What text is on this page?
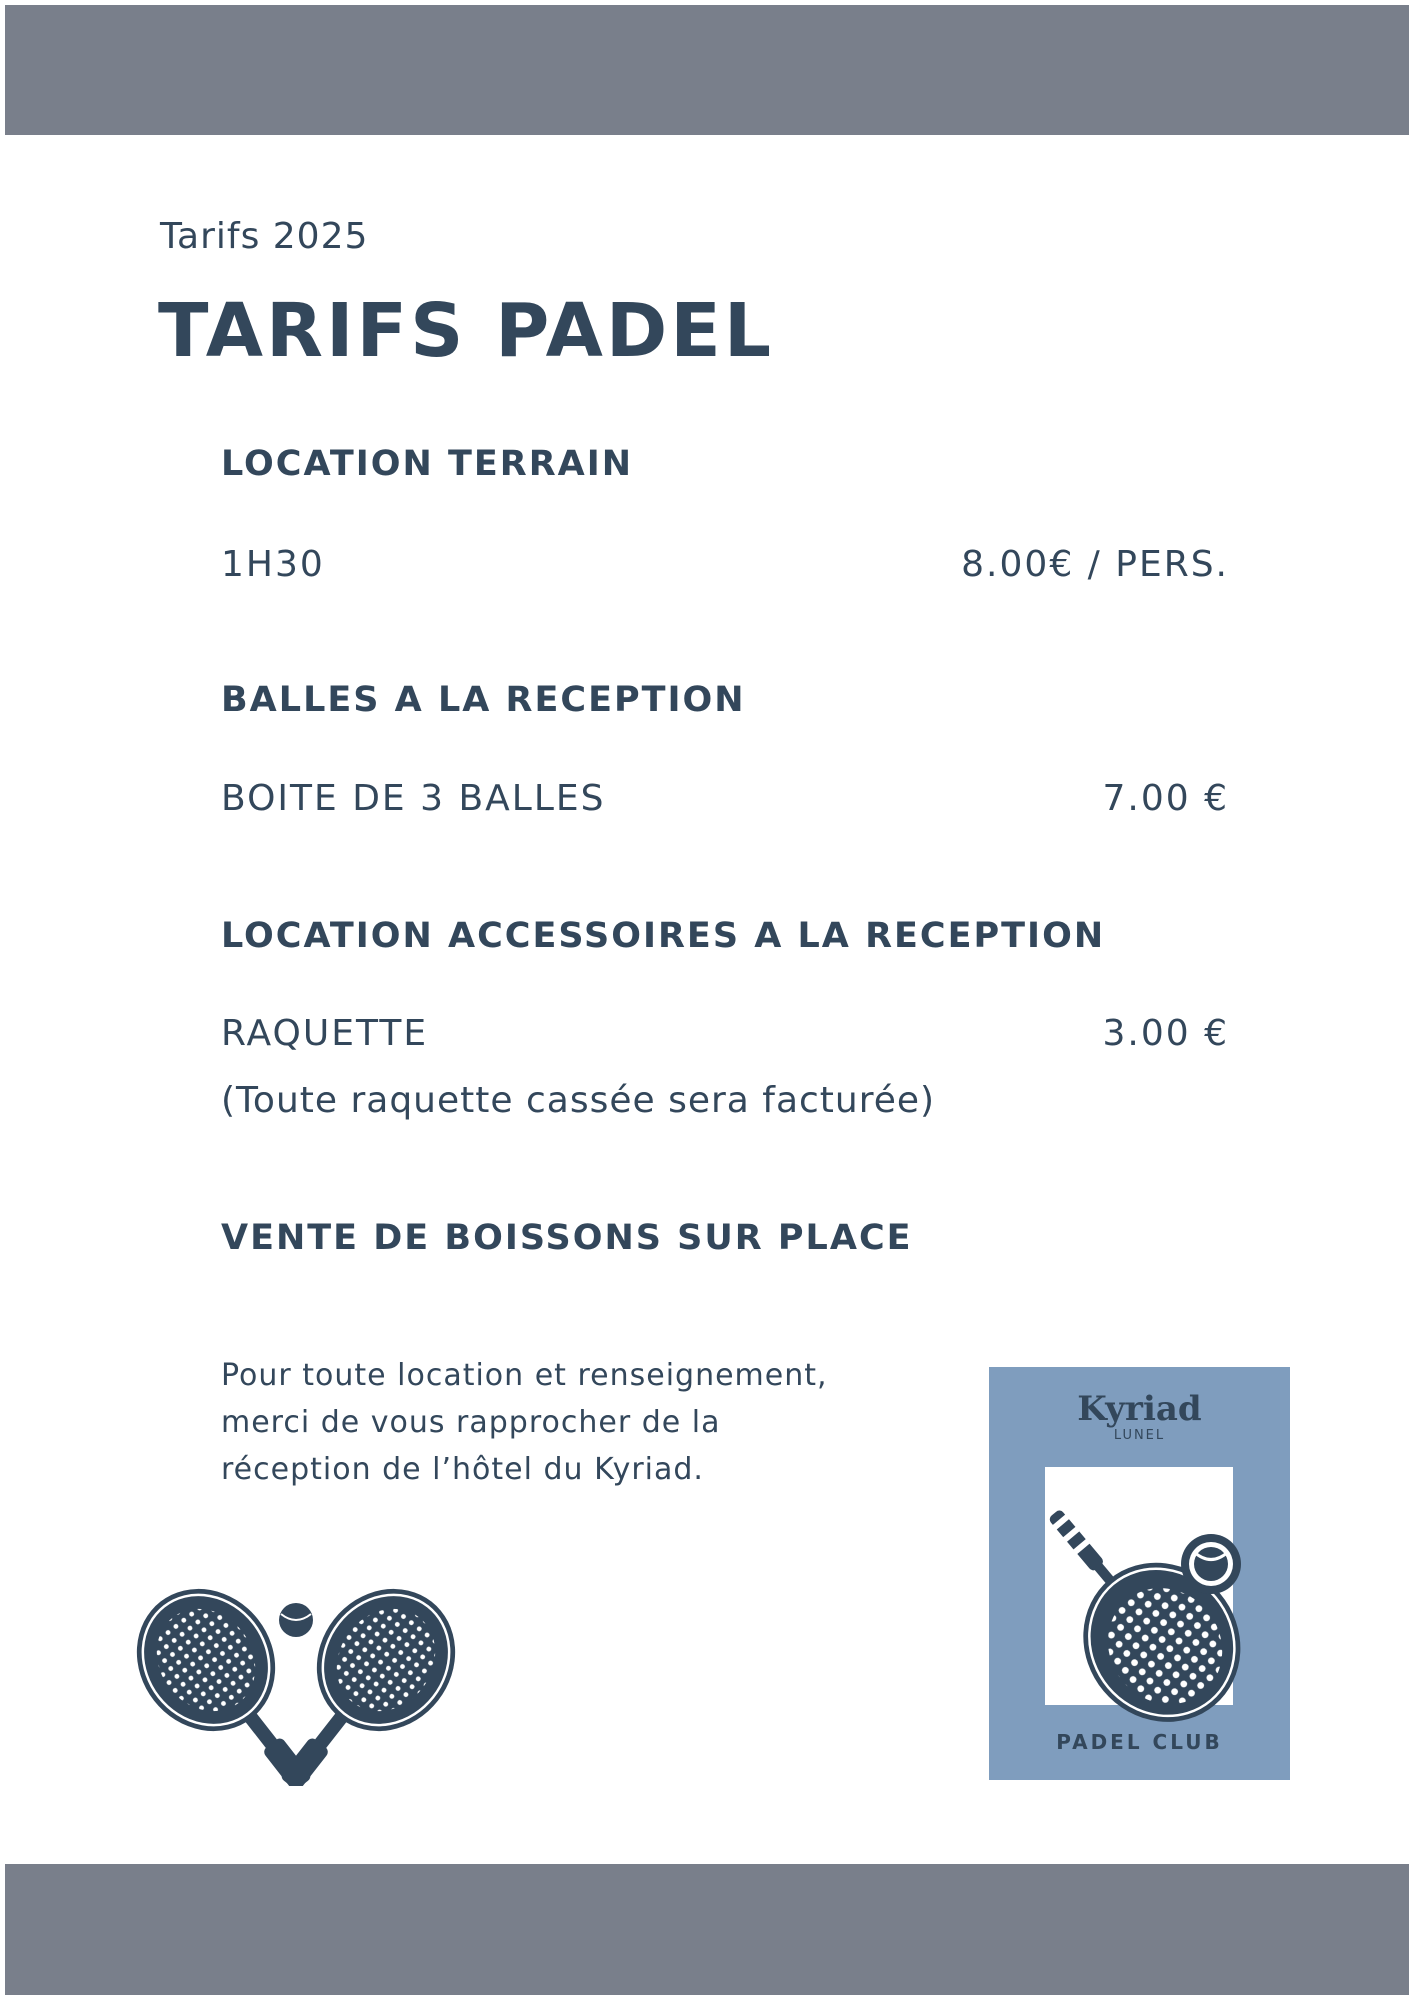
Tarifs 2025
TARIFS PADEL
LOCATION TERRAIN
1H30	8.00€ / PERS.
BALLES A LA RECEPTION
BOITE DE 3 BALLES	7.00 €
LOCATION ACCESSOIRES A LA RECEPTION
RAQUETTE	3.00 €
(Toute raquette cassée sera facturée)
VENTE DE BOISSONS SUR PLACE
Pour toute location et renseignement,
merci de vous rapprocher de la
réception de l’hôtel du Kyriad.
Kyriad
LUNEL
PADEL CLUB
